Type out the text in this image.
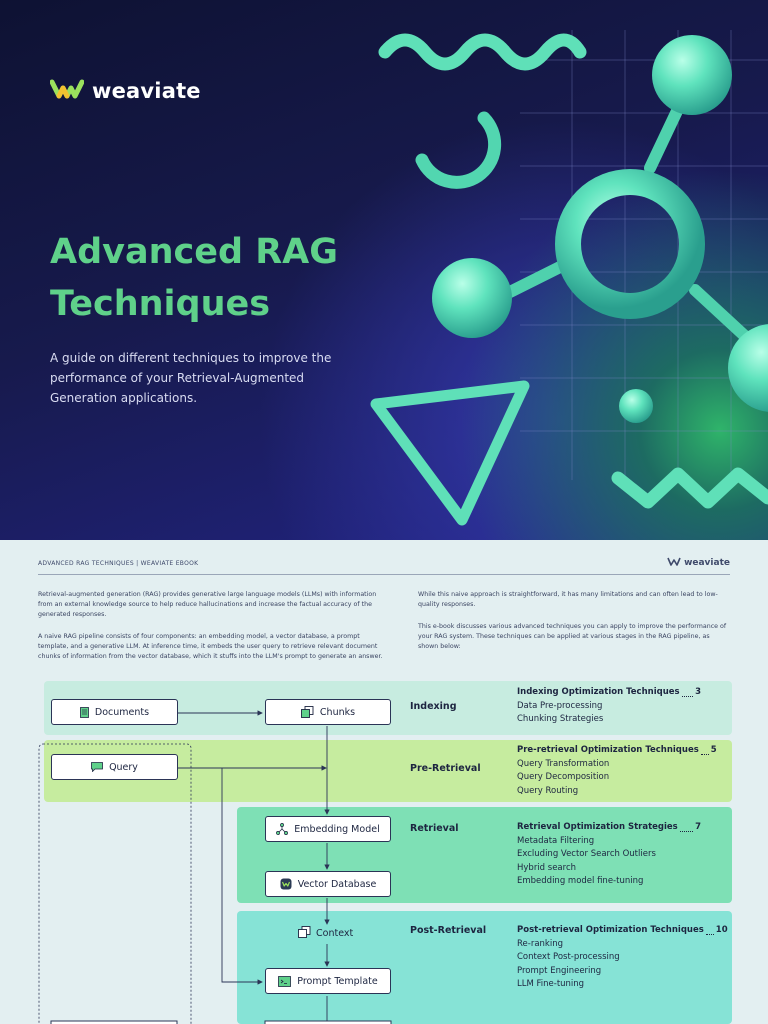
weaviate
Advanced RAG
Techniques

A guide on different techniques to improve the performance of your Retrieval-Augmented Generation applications.

ADVANCED RAG TECHNIQUES | WEAVIATE EBOOK	weaviate

Retrieval-augmented generation (RAG) provides generative large language models (LLMs) with information from an external knowledge source to help reduce hallucinations and increase the factual accuracy of the generated responses.

A naive RAG pipeline consists of four components: an embedding model, a vector database, a prompt template, and a generative LLM. At inference time, it embeds the user query to retrieve relevant document chunks of information from the vector database, which it stuffs into the LLM's prompt to generate an answer.

While this naive approach is straightforward, it has many limitations and can often lead to low-quality responses.

This e-book discusses various advanced techniques you can apply to improve the performance of your RAG system. These techniques can be applied at various stages in the RAG pipeline, as shown below:

Documents	Chunks
Query
Embedding Model
Vector Database
Context
Prompt Template
Indexing
Pre-Retrieval
Retrieval
Post-Retrieval
Indexing Optimization Techniques 3
Data Pre-processing
Chunking Strategies
Pre-retrieval Optimization Techniques 5
Query Transformation
Query Decomposition
Query Routing
Retrieval Optimization Strategies 7
Metadata Filtering
Excluding Vector Search Outliers
Hybrid search
Embedding model fine-tuning
Post-retrieval Optimization Techniques 10
Re-ranking
Context Post-processing
Prompt Engineering
LLM Fine-tuning
